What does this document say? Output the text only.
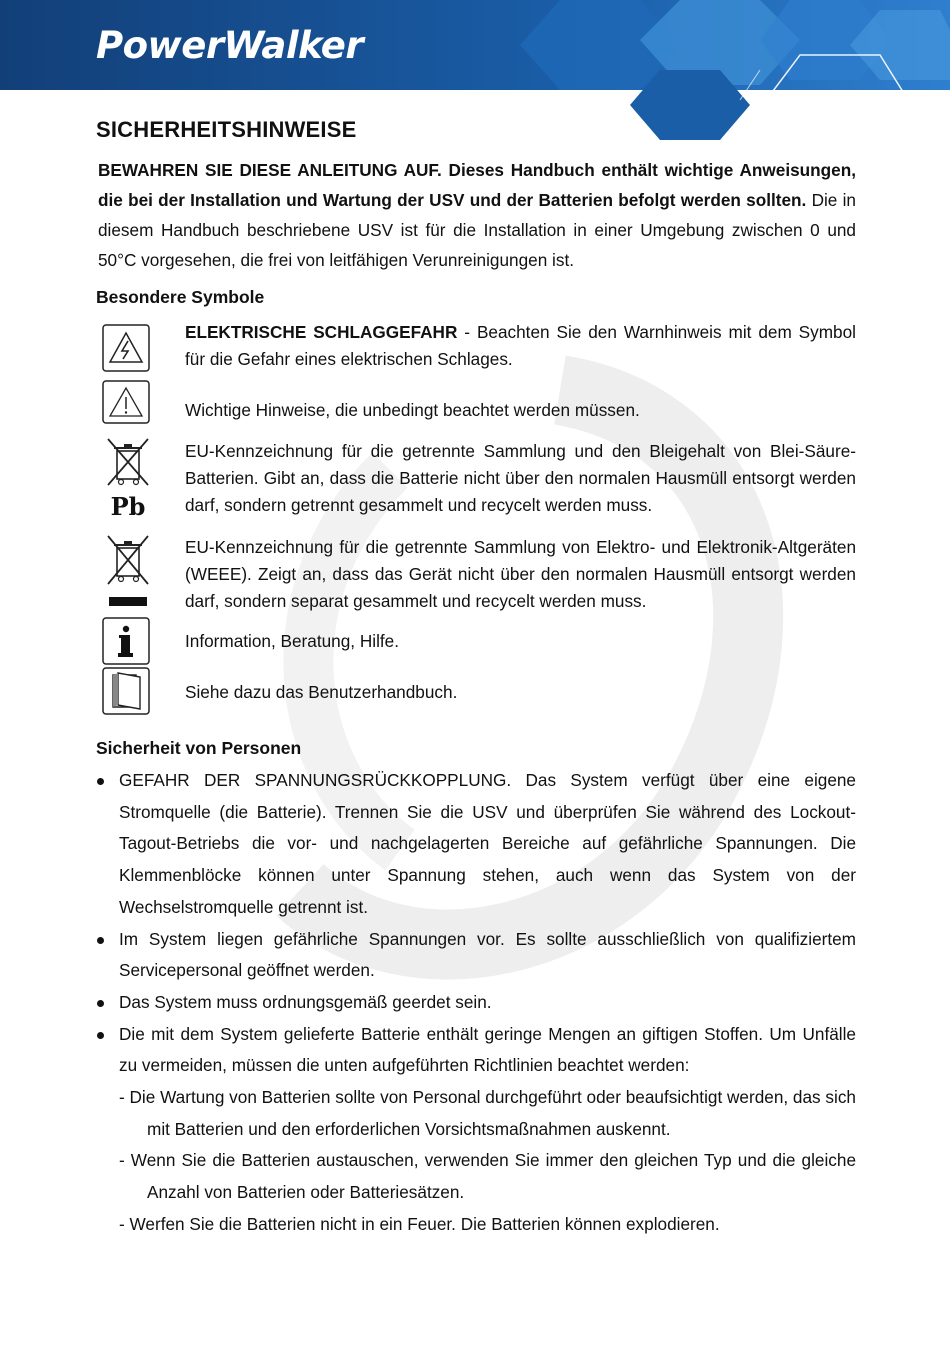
PowerWalker
SICHERHEITSHINWEISE
BEWAHREN SIE DIESE ANLEITUNG AUF. Dieses Handbuch enthält wichtige Anweisungen, die bei der Installation und Wartung der USV und der Batterien befolgt werden sollten. Die in diesem Handbuch beschriebene USV ist für die Installation in einer Umgebung zwischen 0 und 50°C vorgesehen, die frei von leitfähigen Verunreinigungen ist.
Besondere Symbole
ELEKTRISCHE SCHLAGGEFAHR - Beachten Sie den Warnhinweis mit dem Symbol für die Gefahr eines elektrischen Schlages.
Wichtige Hinweise, die unbedingt beachtet werden müssen.
Pb
EU-Kennzeichnung für die getrennte Sammlung und den Bleigehalt von Blei-Säure-Batterien. Gibt an, dass die Batterie nicht über den normalen Hausmüll entsorgt werden darf, sondern getrennt gesammelt und recycelt werden muss.
EU-Kennzeichnung für die getrennte Sammlung von Elektro- und Elektronik-Altgeräten (WEEE). Zeigt an, dass das Gerät nicht über den normalen Hausmüll entsorgt werden darf, sondern separat gesammelt und recycelt werden muss.
Information, Beratung, Hilfe.
Siehe dazu das Benutzerhandbuch.
Sicherheit von Personen
GEFAHR DER SPANNUNGSRÜCKKOPPLUNG. Das System verfügt über eine eigene Stromquelle (die Batterie). Trennen Sie die USV und überprüfen Sie während des Lockout-Tagout-Betriebs die vor- und nachgelagerten Bereiche auf gefährliche Spannungen. Die Klemmenblöcke können unter Spannung stehen, auch wenn das System von der Wechselstromquelle getrennt ist.
Im System liegen gefährliche Spannungen vor. Es sollte ausschließlich von qualifiziertem Servicepersonal geöffnet werden.
Das System muss ordnungsgemäß geerdet sein.
Die mit dem System gelieferte Batterie enthält geringe Mengen an giftigen Stoffen. Um Unfälle zu vermeiden, müssen die unten aufgeführten Richtlinien beachtet werden:
- Die Wartung von Batterien sollte von Personal durchgeführt oder beaufsichtigt werden, das sich mit Batterien und den erforderlichen Vorsichtsmaßnahmen auskennt.
- Wenn Sie die Batterien austauschen, verwenden Sie immer den gleichen Typ und die gleiche Anzahl von Batterien oder Batteriesätzen.
- Werfen Sie die Batterien nicht in ein Feuer. Die Batterien können explodieren.
